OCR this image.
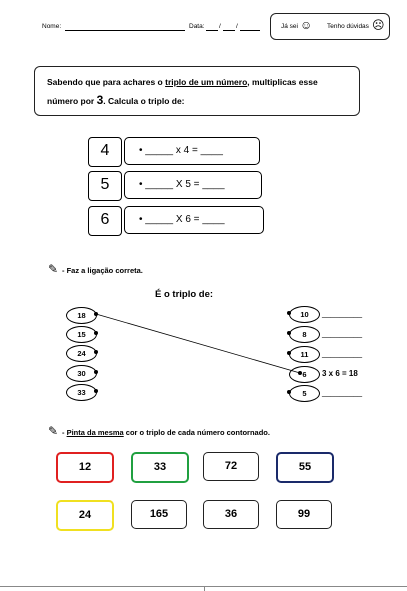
Nome:	Data: / /	Já sei ☺ Tenho dúvidas ☹
Sabendo que para achares o triplo de um número, multiplicas esse
número por 3. Calcula o triplo de:
4	• _____ x 4 = ____
5	• _____ X 5 = ____
6	• _____ X 6 = ____
✎ - Faz a ligação correta.
É o triplo de:
18
15
24
30
33
10
8
11
6
5
_________
_________
_________
3 x 6 = 18
_________
✎ - Pinta da mesma cor o triplo de cada número contornado.
12	33	72	55
24	165	36	99
